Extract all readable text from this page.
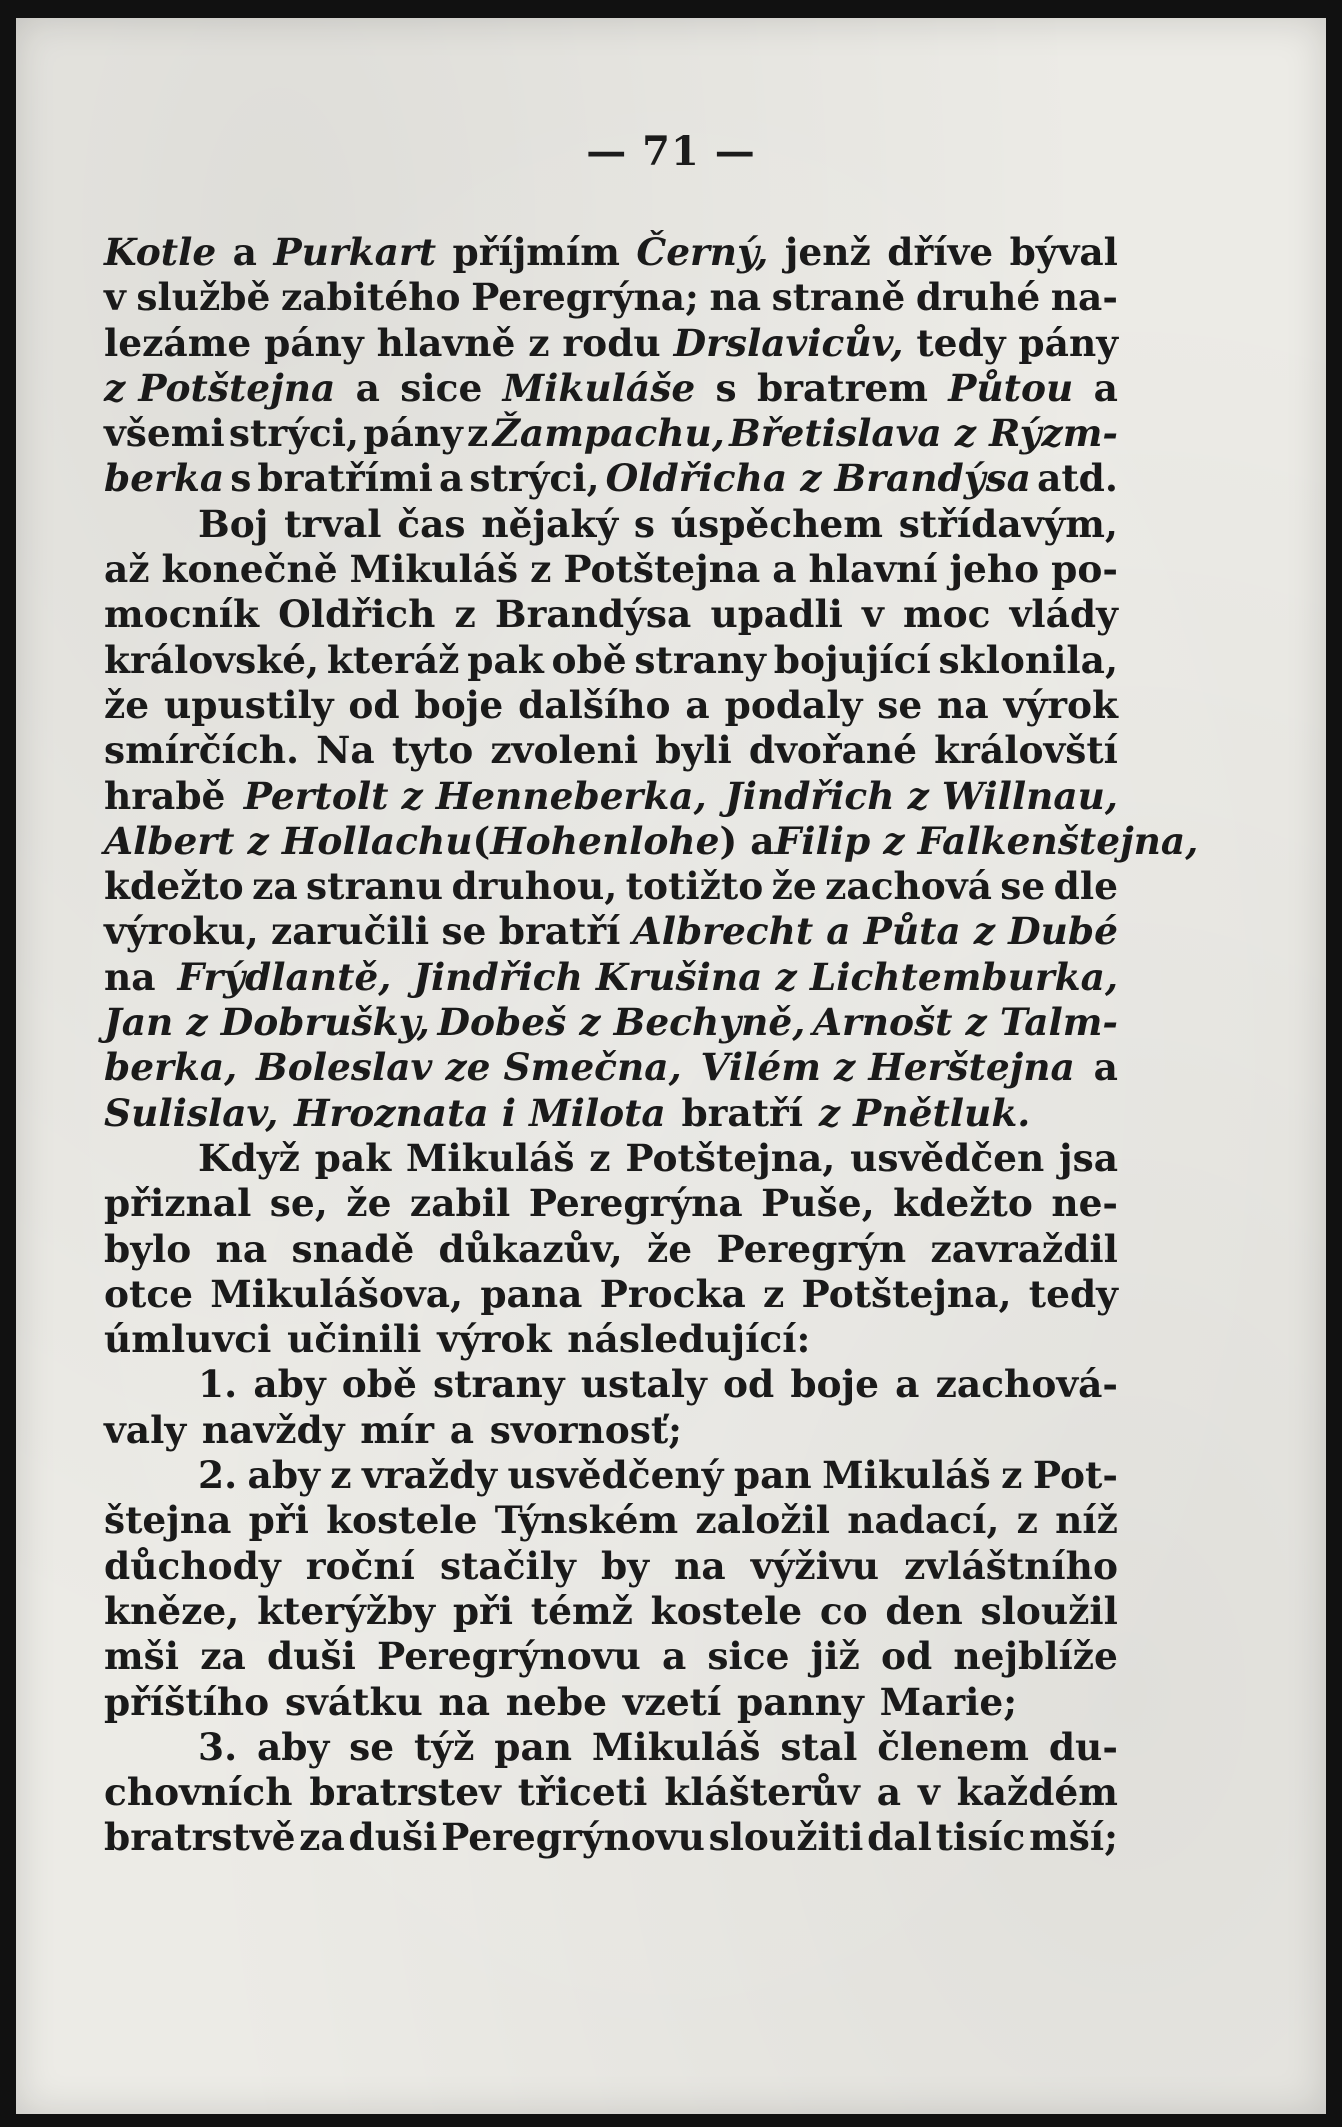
— 71 —
Kotle a Purkart příjmím Černý, jenž dříve býval
v službě zabitého Peregrýna; na straně druhé na-
lezáme pány hlavně z rodu Drslavicův, tedy pány
z Potštejna a sice Mikuláše s bratrem Půtou a
všemi strýci, pány z Žampachu, Břetislava z Rýzm-
berka s bratřími a strýci, Oldřicha z Brandýsa atd.
Boj trval čas nějaký s úspěchem střídavým,
až konečně Mikuláš z Potštejna a hlavní jeho po-
mocník Oldřich z Brandýsa upadli v moc vlády
královské, kteráž pak obě strany bojující sklonila,
že upustily od boje dalšího a podaly se na výrok
smírčích. Na tyto zvoleni byli dvořané královští
hrabě Pertolt z Henneberka, Jindřich z Willnau,
Albert z Hollachu ( Hohenlohe ) a Filip z Falkenštejna,
kdežto za stranu druhou, totižto že zachová se dle
výroku, zaručili se bratří Albrecht a Půta z Dubé
na Frýdlantě, Jindřich Krušina z Lichtemburka,
Jan z Dobrušky, Dobeš z Bechyně, Arnošt z Talm-
berka, Boleslav ze Smečna, Vilém z Herštejna a
Sulislav, Hroznata i Milota bratří z Pnětluk.
Když pak Mikuláš z Potštejna, usvědčen jsa
přiznal se, že zabil Peregrýna Puše, kdežto ne-
bylo na snadě důkazův, že Peregrýn zavraždil
otce Mikulášova, pana Procka z Potštejna, tedy
úmluvci učinili výrok následující:
1. aby obě strany ustaly od boje a zachová-
valy navždy mír a svornosť;
2. aby z vraždy usvědčený pan Mikuláš z Pot-
štejna při kostele Týnském založil nadací, z níž
důchody roční stačily by na výživu zvláštního
kněze, kterýžby při témž kostele co den sloužil
mši za duši Peregrýnovu a sice již od nejblíže
příštího svátku na nebe vzetí panny Marie;
3. aby se týž pan Mikuláš stal členem du-
chovních bratrstev třiceti klášterův a v každém
bratrstvě za duši Peregrýnovu sloužiti dal tisíc mší;
